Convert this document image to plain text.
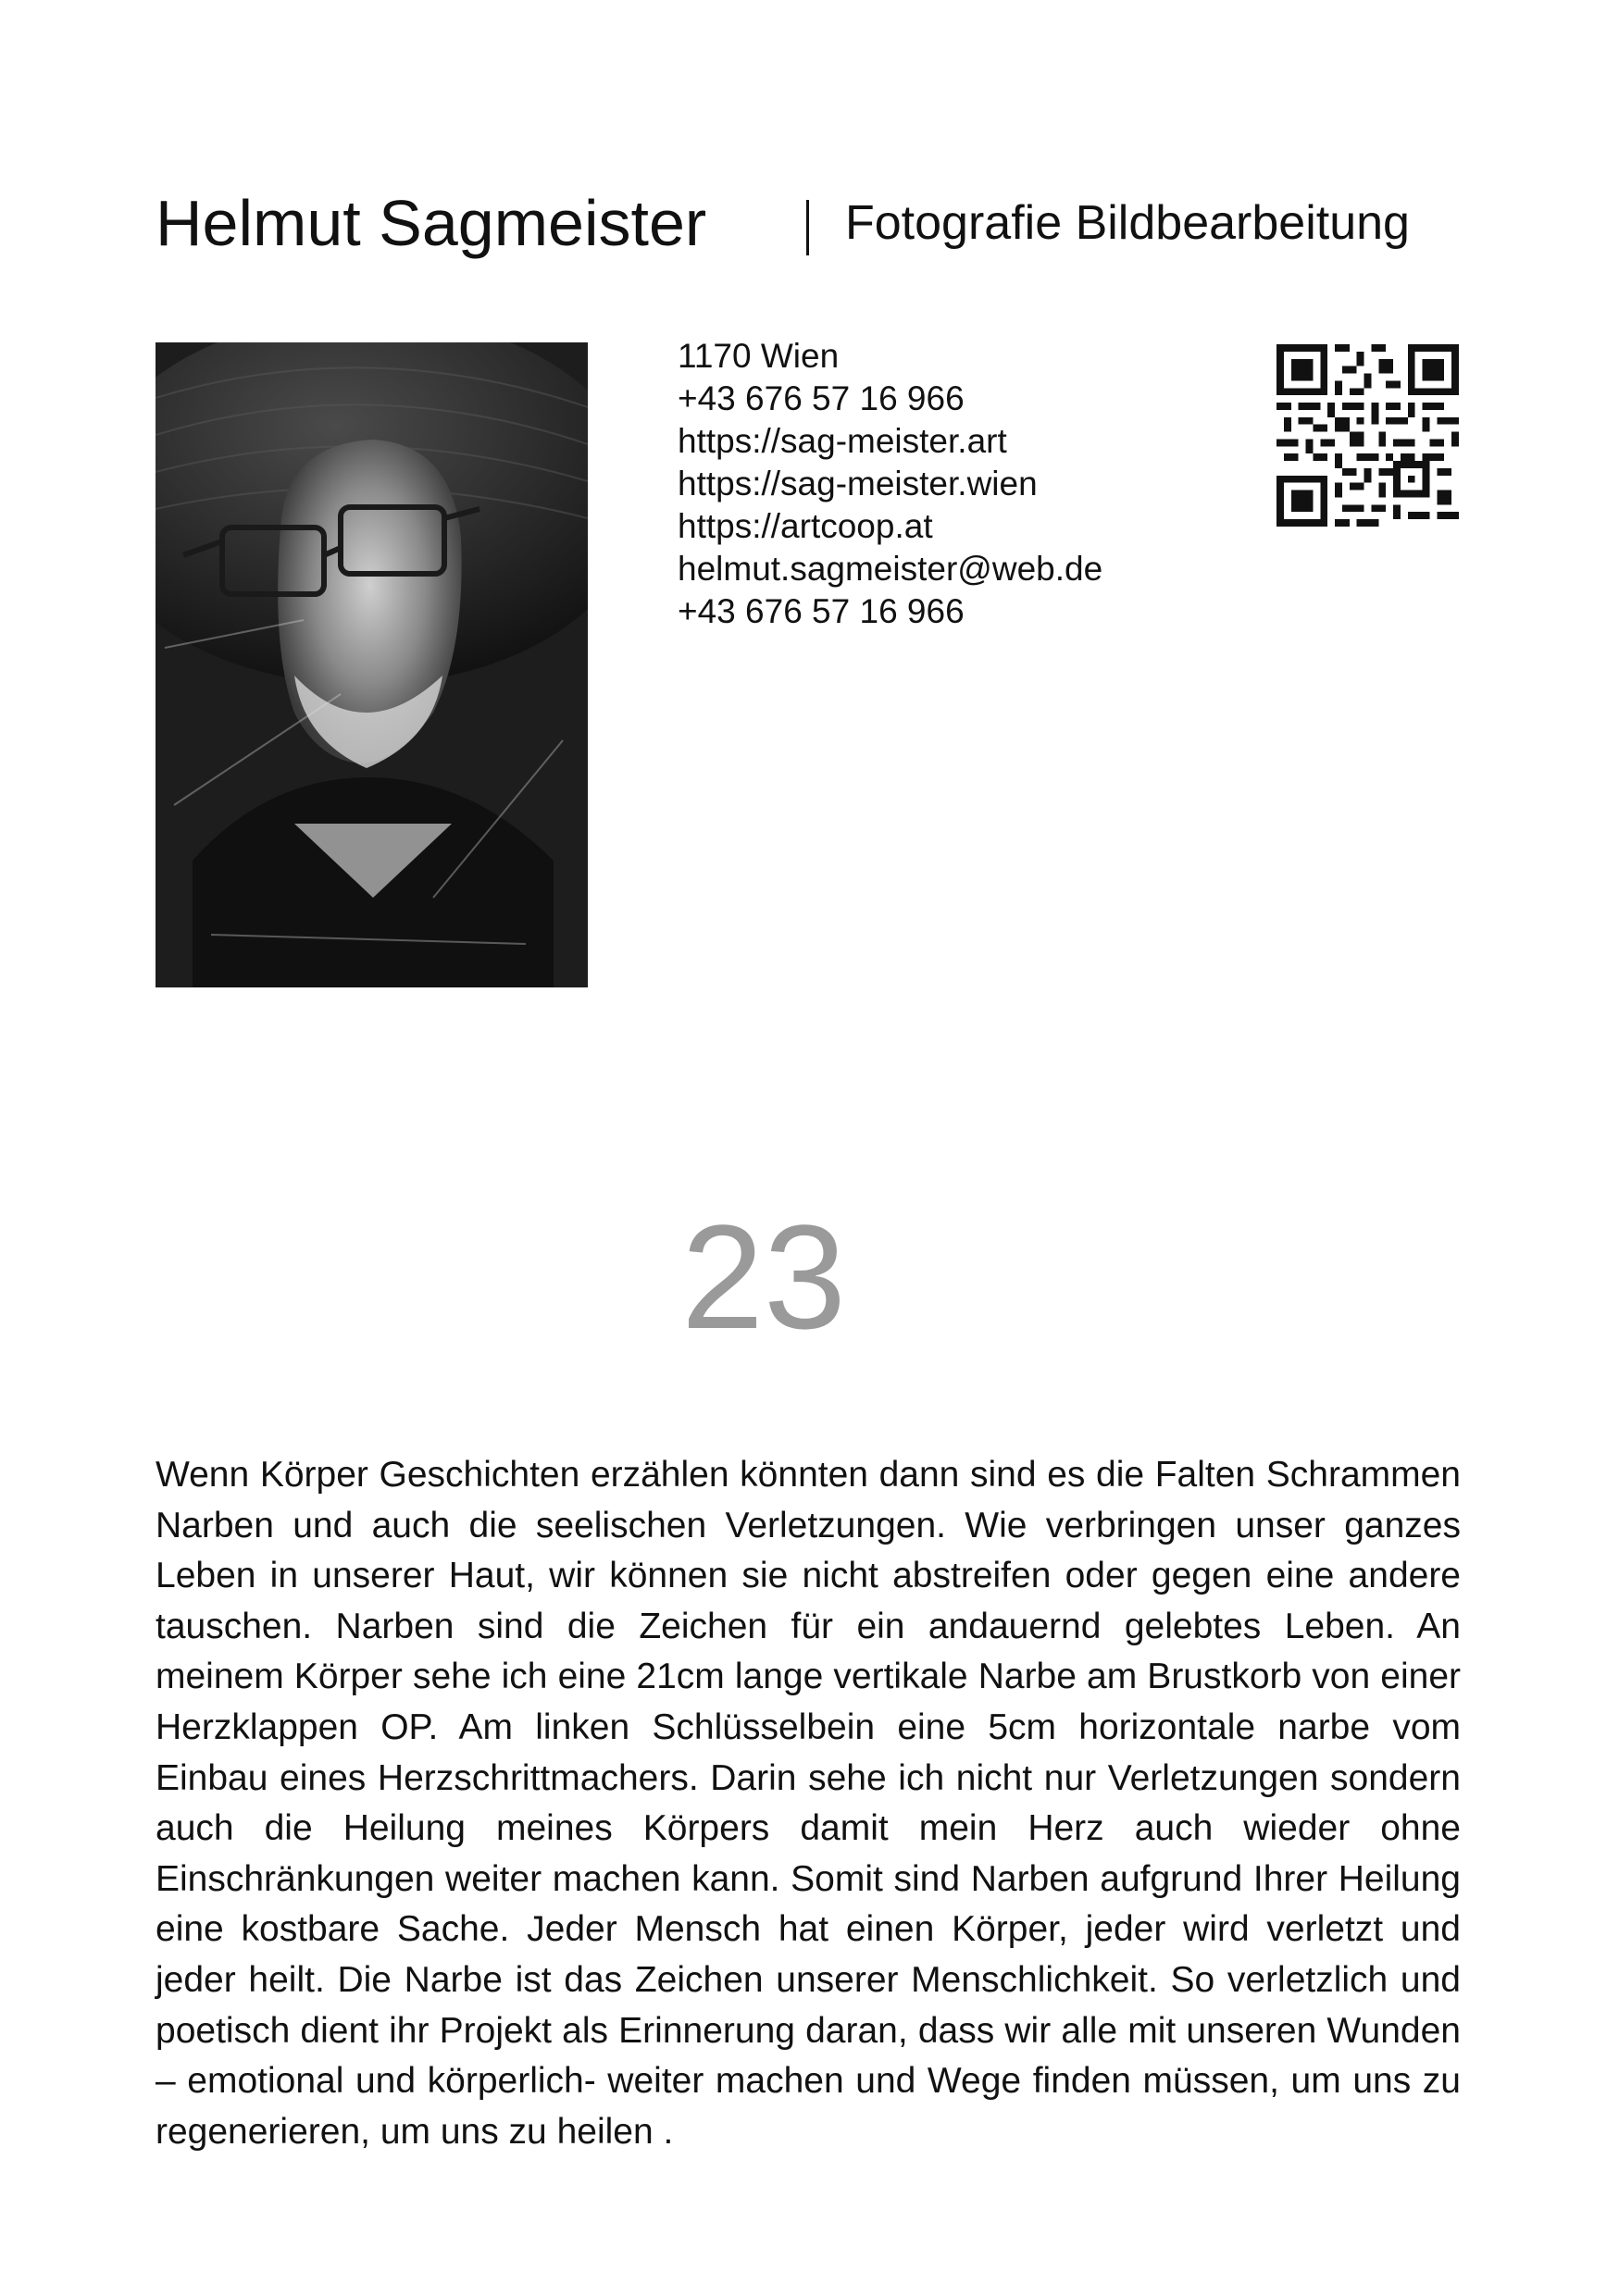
Helmut Sagmeister	Fotografie Bildbearbeitung
1170 Wien
+43 676 57 16 966
https://sag-meister.art
https://sag-meister.wien
https://artcoop.at
helmut.sagmeister@web.de
+43 676 57 16 966
23
Wenn Körper Geschichten erzählen könnten dann sind es die Falten Schrammen Narben und auch die seelischen Verletzungen. Wie verbringen unser ganzes Leben in unserer Haut, wir können sie nicht abstreifen oder gegen eine andere tauschen. Narben sind die Zeichen für ein andauernd gelebtes Leben. An meinem Körper sehe ich eine 21cm lange vertikale Narbe am Brustkorb von einer Herzklappen OP. Am linken Schlüsselbein eine 5cm horizontale narbe vom Einbau eines Herzschrittmachers. Darin sehe ich nicht nur Verletzungen sondern auch die Heilung meines Körpers damit mein Herz auch wieder ohne Einschränkungen weiter machen kann. Somit sind Narben aufgrund Ihrer Heilung eine kostbare Sache. Jeder Mensch hat einen Körper, jeder wird verletzt und jeder heilt. Die Narbe ist das Zeichen unserer Menschlichkeit. So verletzlich und poetisch dient ihr Projekt als Erinnerung daran, dass wir alle mit unseren Wunden – emotional und körperlich- weiter machen und Wege finden müssen, um uns zu regenerieren, um uns zu heilen .
